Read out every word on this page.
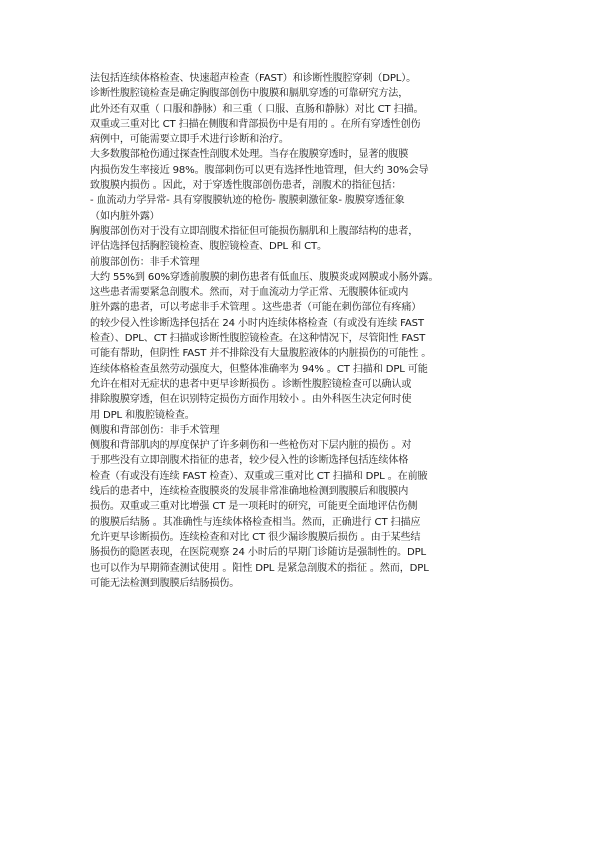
法包括连续体格检查、快速超声检查（FAST）和诊断性腹腔穿刺（DPL）。
诊断性腹腔镜检查是确定胸腹部创伤中腹膜和膈肌穿透的可靠研究方法，
此外还有双重（ 口服和静脉）和三重（ 口服、直肠和静脉）对比 CT 扫描。
双重或三重对比 CT 扫描在侧腹和背部损伤中是有用的 。在所有穿透性创伤
病例中，可能需要立即手术进行诊断和治疗。
大多数腹部枪伤通过探查性剖腹术处理。当存在腹膜穿透时，显著的腹膜
内损伤发生率接近 98%。腹部刺伤可以更有选择性地管理，但大约 30%会导
致腹膜内损伤 。因此，对于穿透性腹部创伤患者，剖腹术的指征包括：
- 血流动力学异常- 具有穿腹膜轨迹的枪伤- 腹膜刺激征象- 腹膜穿透征象
（如内脏外露）
胸腹部创伤对于没有立即剖腹术指征但可能损伤膈肌和上腹部结构的患者，
评估选择包括胸腔镜检查、腹腔镜检查、DPL 和 CT。
前腹部创伤：非手术管理
大约 55%到 60%穿透前腹膜的刺伤患者有低血压、腹膜炎或网膜或小肠外露。
这些患者需要紧急剖腹术。然而，对于血流动力学正常、无腹膜体征或内
脏外露的患者，可以考虑非手术管理 。这些患者（可能在刺伤部位有疼痛）
的较少侵入性诊断选择包括在 24 小时内连续体格检查（有或没有连续 FAST
检查）、DPL、CT 扫描或诊断性腹腔镜检查。在这种情况下，尽管阳性 FAST
可能有帮助，但阴性 FAST 并不排除没有大量腹腔液体的内脏损伤的可能性 。
连续体格检查虽然劳动强度大，但整体准确率为 94% 。CT 扫描和 DPL 可能
允许在相对无症状的患者中更早诊断损伤 。诊断性腹腔镜检查可以确认或
排除腹膜穿透，但在识别特定损伤方面作用较小 。由外科医生决定何时使
用 DPL 和腹腔镜检查。
侧腹和背部创伤：非手术管理
侧腹和背部肌肉的厚度保护了许多刺伤和一些枪伤对下层内脏的损伤 。对
于那些没有立即剖腹术指征的患者，较少侵入性的诊断选择包括连续体格
检查（有或没有连续 FAST 检查）、双重或三重对比 CT 扫描和 DPL 。在前腋
线后的患者中，连续检查腹膜炎的发展非常准确地检测到腹膜后和腹膜内
损伤。双重或三重对比增强 CT 是一项耗时的研究，可能更全面地评估伤侧
的腹膜后结肠 。其准确性与连续体格检查相当。然而，正确进行 CT 扫描应
允许更早诊断损伤。连续检查和对比 CT 很少漏诊腹膜后损伤 。由于某些结
肠损伤的隐匿表现，在医院观察 24 小时后的早期门诊随访是强制性的。DPL
也可以作为早期筛查测试使用 。阳性 DPL 是紧急剖腹术的指征 。然而，DPL
可能无法检测到腹膜后结肠损伤。
